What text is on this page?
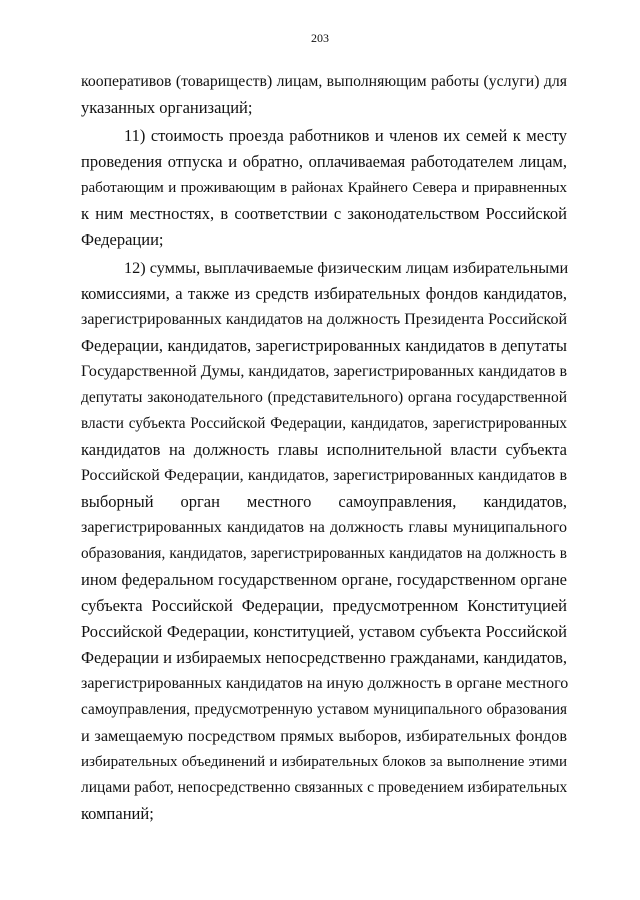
203
кооперативов (товариществ) лицам, выполняющим работы (услуги) для
указанных организаций;
11) стоимость проезда работников и членов их семей к месту
проведения отпуска и обратно, оплачиваемая работодателем лицам,
работающим и проживающим в районах Крайнего Севера и приравненных
к ним местностях, в соответствии с законодательством Российской
Федерации;
12) суммы, выплачиваемые физическим лицам избирательными
комиссиями, а также из средств избирательных фондов кандидатов,
зарегистрированных кандидатов на должность Президента Российской
Федерации, кандидатов, зарегистрированных кандидатов в депутаты
Государственной Думы, кандидатов, зарегистрированных кандидатов в
депутаты законодательного (представительного) органа государственной
власти субъекта Российской Федерации, кандидатов, зарегистрированных
кандидатов на должность главы исполнительной власти субъекта
Российской Федерации, кандидатов, зарегистрированных кандидатов в
выборный орган местного самоуправления, кандидатов,
зарегистрированных кандидатов на должность главы муниципального
образования, кандидатов, зарегистрированных кандидатов на должность в
ином федеральном государственном органе, государственном органе
субъекта Российской Федерации, предусмотренном Конституцией
Российской Федерации, конституцией, уставом субъекта Российской
Федерации и избираемых непосредственно гражданами, кандидатов,
зарегистрированных кандидатов на иную должность в органе местного
самоуправления, предусмотренную уставом муниципального образования
и замещаемую посредством прямых выборов, избирательных фондов
избирательных объединений и избирательных блоков за выполнение этими
лицами работ, непосредственно связанных с проведением избирательных
компаний;
